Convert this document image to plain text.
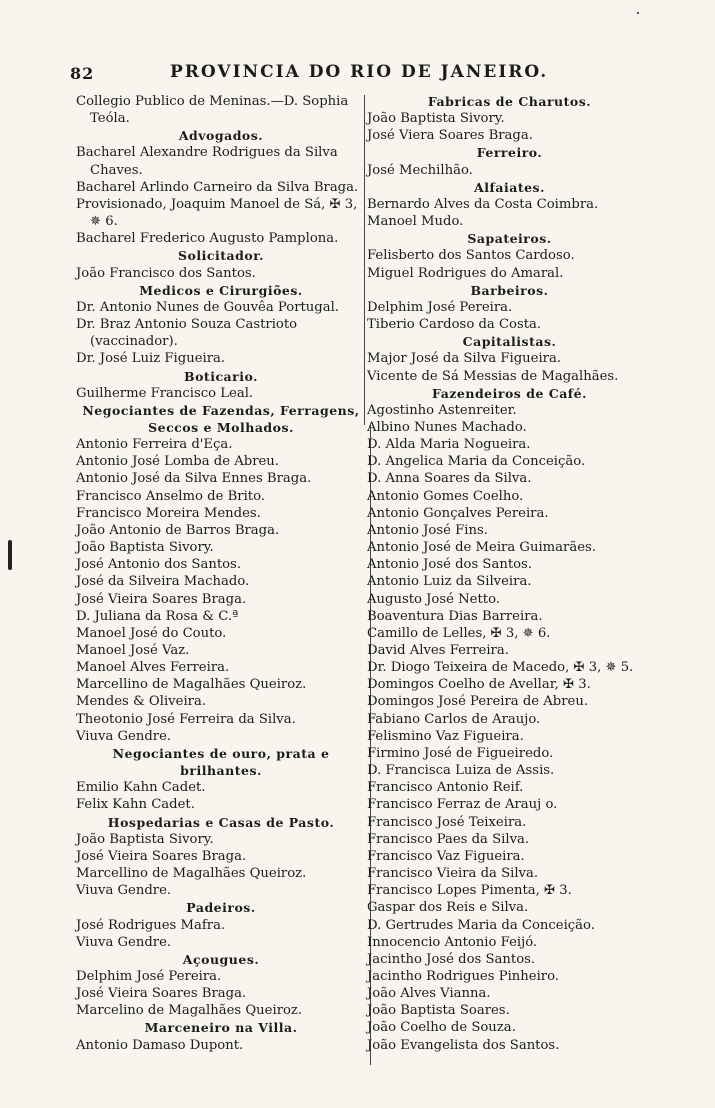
82	PROVINCIA DO RIO DE JANEIRO.
Collegio Publico de Meninas.—D. Sophia Teóla.
Advogados.
Bacharel Alexandre Rodrigues da Silva Chaves.
Bacharel Arlindo Carneiro da Silva Braga.
Provisionado, Joaquim Manoel de Sá, ✠ 3, ✵ 6.
Bacharel Frederico Augusto Pamplona.
Solicitador.
João Francisco dos Santos.
Medicos e Cirurgiões.
Dr. Antonio Nunes de Gouvêa Portugal.
Dr. Braz Antonio Souza Castrioto (vaccinador).
Dr. José Luiz Figueira.
Boticario.
Guilherme Francisco Leal.
Negociantes de Fazendas, Ferragens, Seccos e Molhados.
Antonio Ferreira d'Eça.
Antonio José Lomba de Abreu.
Antonio José da Silva Ennes Braga.
Francisco Anselmo de Brito.
Francisco Moreira Mendes.
João Antonio de Barros Braga.
João Baptista Sivory.
José Antonio dos Santos.
José da Silveira Machado.
José Vieira Soares Braga.
D. Juliana da Rosa & C.ª
Manoel José do Couto.
Manoel José Vaz.
Manoel Alves Ferreira.
Marcellino de Magalhães Queiroz.
Mendes & Oliveira.
Theotonio José Ferreira da Silva.
Viuva Gendre.
Negociantes de ouro, prata e brilhantes.
Emilio Kahn Cadet.
Felix Kahn Cadet.
Hospedarias e Casas de Pasto.
João Baptista Sivory.
José Vieira Soares Braga.
Marcellino de Magalhães Queiroz.
Viuva Gendre.
Padeiros.
José Rodrigues Mafra.
Viuva Gendre.
Açougues.
Delphim José Pereira.
José Vieira Soares Braga.
Marcelino de Magalhães Queiroz.
Marceneiro na Villa.
Antonio Damaso Dupont.
Fabricas de Charutos.
João Baptista Sivory.
José Viera Soares Braga.
Ferreiro.
José Mechilhão.
Alfaiates.
Bernardo Alves da Costa Coimbra.
Manoel Mudo.
Sapateiros.
Felisberto dos Santos Cardoso.
Miguel Rodrigues do Amaral.
Barbeiros.
Delphim José Pereira.
Tiberio Cardoso da Costa.
Capitalistas.
Major José da Silva Figueira.
Vicente de Sá Messias de Magalhães.
Fazendeiros de Café.
Agostinho Astenreiter.
Albino Nunes Machado.
D. Alda Maria Nogueira.
D. Angelica Maria da Conceição.
D. Anna Soares da Silva.
Antonio Gomes Coelho.
Antonio Gonçalves Pereira.
Antonio José Fins.
Antonio José de Meira Guimarães.
Antonio José dos Santos.
Antonio Luiz da Silveira.
Augusto José Netto.
Boaventura Dias Barreira.
Camillo de Lelles, ✠ 3, ✵ 6.
David Alves Ferreira.
Dr. Diogo Teixeira de Macedo, ✠ 3, ✵ 5.
Domingos Coelho de Avellar, ✠ 3.
Domingos José Pereira de Abreu.
Fabiano Carlos de Araujo.
Felismino Vaz Figueira.
Firmino José de Figueiredo.
D. Francisca Luiza de Assis.
Francisco Antonio Reif.
Francisco Ferraz de Arauj o.
Francisco José Teixeira.
Francisco Paes da Silva.
Francisco Vaz Figueira.
Francisco Vieira da Silva.
Francisco Lopes Pimenta, ✠ 3.
Gaspar dos Reis e Silva.
D. Gertrudes Maria da Conceição.
Innocencio Antonio Feijó.
Jacintho José dos Santos.
Jacintho Rodrigues Pinheiro.
João Alves Vianna.
João Baptista Soares.
João Coelho de Souza.
João Evangelista dos Santos.
